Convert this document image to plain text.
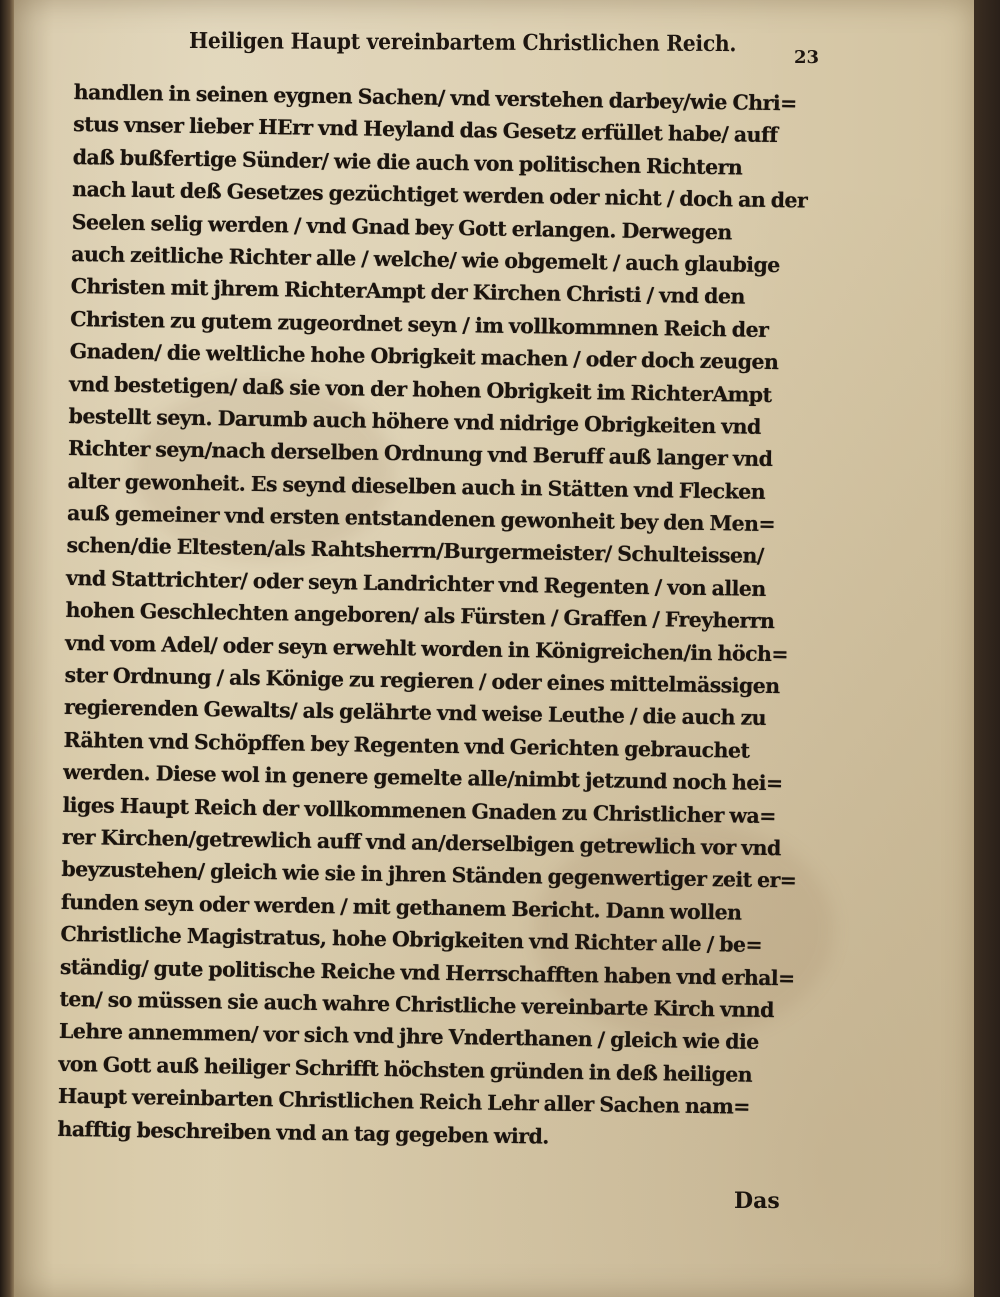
Heiligen Haupt vereinbartem Christlichen Reich.
23
handlen in seinen eygnen Sachen/ vnd verstehen darbey/wie Chri=
stus vnser lieber HErr vnd Heyland das Gesetz erfüllet habe/ auff
daß bußfertige Sünder/ wie die auch von politischen Richtern
nach laut deß Gesetzes gezüchtiget werden oder nicht / doch an der
Seelen selig werden / vnd Gnad bey Gott erlangen. Derwegen
auch zeitliche Richter alle / welche/ wie obgemelt / auch glaubige
Christen mit jhrem RichterAmpt der Kirchen Christi / vnd den
Christen zu gutem zugeordnet seyn / im vollkommnen Reich der
Gnaden/ die weltliche hohe Obrigkeit machen / oder doch zeugen
vnd bestetigen/ daß sie von der hohen Obrigkeit im RichterAmpt
bestellt seyn. Darumb auch höhere vnd nidrige Obrigkeiten vnd
Richter seyn/nach derselben Ordnung vnd Beruff auß langer vnd
alter gewonheit. Es seynd dieselben auch in Stätten vnd Flecken
auß gemeiner vnd ersten entstandenen gewonheit bey den Men=
schen/die Eltesten/als Rahtsherrn/Burgermeister/ Schulteissen/
vnd Stattrichter/ oder seyn Landrichter vnd Regenten / von allen
hohen Geschlechten angeboren/ als Fürsten / Graffen / Freyherrn
vnd vom Adel/ oder seyn erwehlt worden in Königreichen/in höch=
ster Ordnung / als Könige zu regieren / oder eines mittelmässigen
regierenden Gewalts/ als gelährte vnd weise Leuthe / die auch zu
Rähten vnd Schöpffen bey Regenten vnd Gerichten gebrauchet
werden. Diese wol in genere gemelte alle/nimbt jetzund noch hei=
liges Haupt Reich der vollkommenen Gnaden zu Christlicher wa=
rer Kirchen/getrewlich auff vnd an/derselbigen getrewlich vor vnd
beyzustehen/ gleich wie sie in jhren Ständen gegenwertiger zeit er=
funden seyn oder werden / mit gethanem Bericht. Dann wollen
Christliche Magistratus, hohe Obrigkeiten vnd Richter alle / be=
ständig/ gute politische Reiche vnd Herrschafften haben vnd erhal=
ten/ so müssen sie auch wahre Christliche vereinbarte Kirch vnnd
Lehre annemmen/ vor sich vnd jhre Vnderthanen / gleich wie die
von Gott auß heiliger Schrifft höchsten gründen in deß heiligen
Haupt vereinbarten Christlichen Reich Lehr aller Sachen nam=
hafftig beschreiben vnd an tag gegeben wird.
Das
